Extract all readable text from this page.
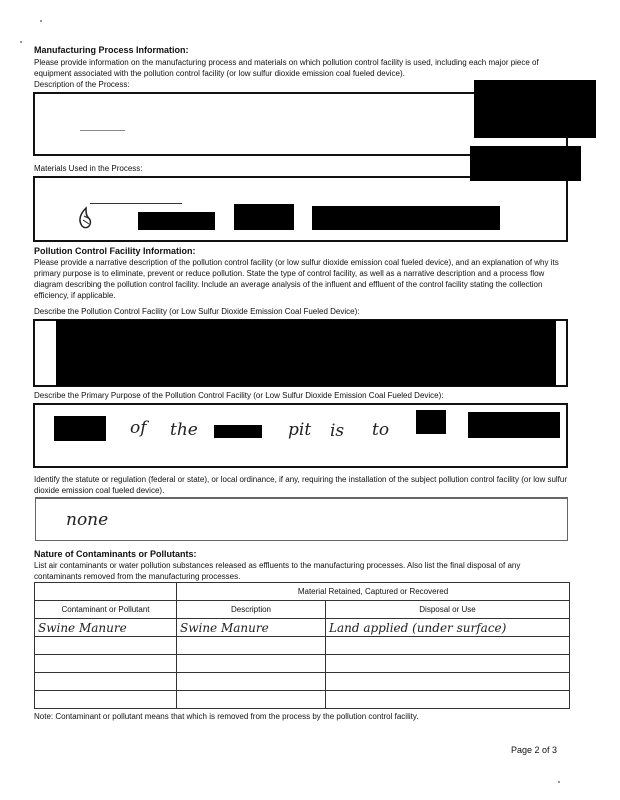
Manufacturing Process Information:
Please provide information on the manufacturing process and materials on which pollution control facility is used, including each major piece of equipment associated with the pollution control facility (or low sulfur dioxide emission coal fueled device).
Description of the Process:
Materials Used in the Process:
Pollution Control Facility Information:
Please provide a narrative description of the pollution control facility (or low sulfur dioxide emission coal fueled device), and an explanation of why its primary purpose is to eliminate, prevent or reduce pollution. State the type of control facility, as well as a narrative description and a process flow diagram describing the pollution control facility. Include an average analysis of the influent and effluent of the control facility stating the collection efficiency, if applicable.
Describe the Pollution Control Facility (or Low Sulfur Dioxide Emission Coal Fueled Device):
Describe the Primary Purpose of the Pollution Control Facility (or Low Sulfur Dioxide Emission Coal Fueled Device):
of the	pit is to
Identify the statute or regulation (federal or state), or local ordinance, if any, requiring the installation of the subject pollution control facility (or low sulfur dioxide emission coal fueled device).
none
Nature of Contaminants or Pollutants:
List air contaminants or water pollution substances released as effluents to the manufacturing processes. Also list the final disposal of any contaminants removed from the manufacturing processes.
	Material Retained, Captured or Recovered	
Contaminant or Pollutant	Description	Disposal or Use
Swine Manure	Swine Manure	Land applied (under surface)

Note: Contaminant or pollutant means that which is removed from the process by the pollution control facility.
Page 2 of 3
